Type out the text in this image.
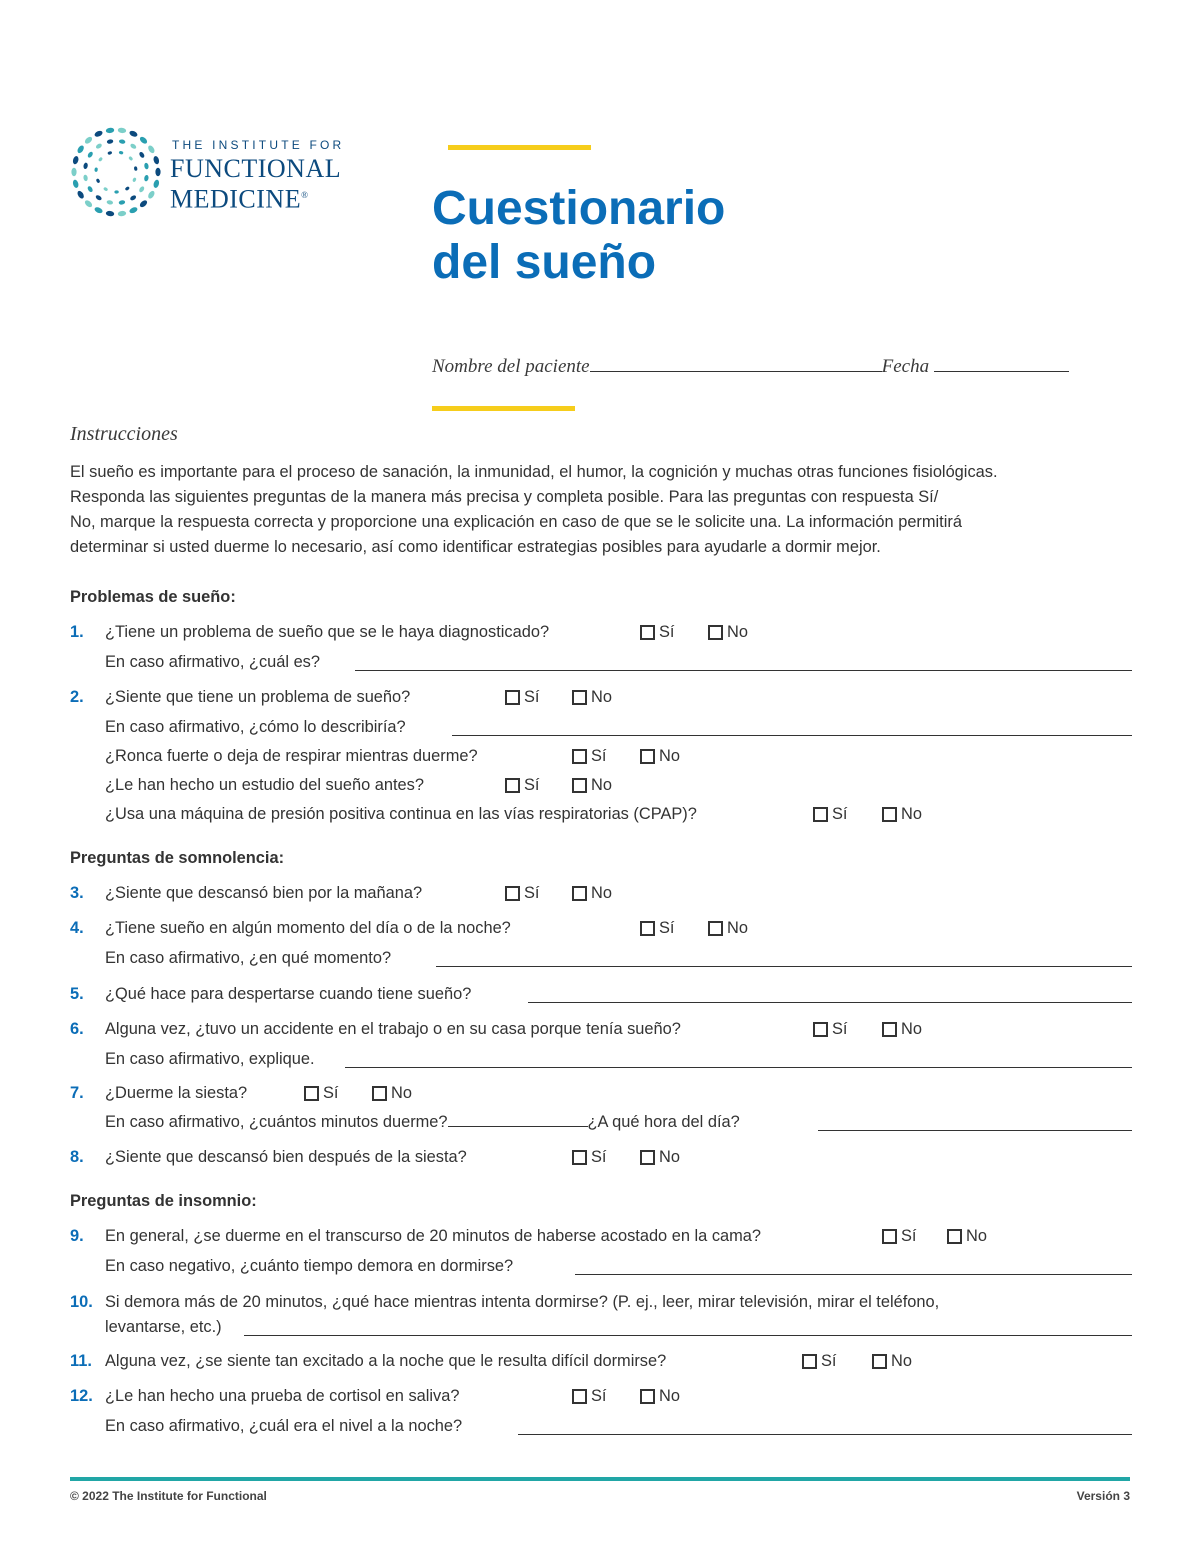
THE INSTITUTE FOR
FUNCTIONAL
MEDICINE®	Cuestionario
del sueño
Nombre del paciente	Fecha
Instrucciones
El sueño es importante para el proceso de sanación, la inmunidad, el humor, la cognición y muchas otras funciones fisiológicas.
Responda las siguientes preguntas de la manera más precisa y completa posible. Para las preguntas con respuesta Sí/
No, marque la respuesta correcta y proporcione una explicación en caso de que se le solicite una. La información permitirá
determinar si usted duerme lo necesario, así como identificar estrategias posibles para ayudarle a dormir mejor.
Problemas de sueño:
1. ¿Tiene un problema de sueño que se le haya diagnosticado?	Sí	No
En caso afirmativo, ¿cuál es?
2. ¿Siente que tiene un problema de sueño?	Sí	No
En caso afirmativo, ¿cómo lo describiría?
¿Ronca fuerte o deja de respirar mientras duerme?	Sí	No
¿Le han hecho un estudio del sueño antes?	Sí	No
¿Usa una máquina de presión positiva continua en las vías respiratorias (CPAP)?	Sí	No
Preguntas de somnolencia:
3. ¿Siente que descansó bien por la mañana?	Sí	No
4. ¿Tiene sueño en algún momento del día o de la noche?	Sí	No
En caso afirmativo, ¿en qué momento?
5. ¿Qué hace para despertarse cuando tiene sueño?
6. Alguna vez, ¿tuvo un accidente en el trabajo o en su casa porque tenía sueño?	Sí	No
En caso afirmativo, explique.
7. ¿Duerme la siesta?	Sí	No
En caso afirmativo, ¿cuántos minutos duerme?	¿A qué hora del día?
8. ¿Siente que descansó bien después de la siesta?	Sí	No
Preguntas de insomnio:
9. En general, ¿se duerme en el transcurso de 20 minutos de haberse acostado en la cama?	Sí	No
En caso negativo, ¿cuánto tiempo demora en dormirse?
10. Si demora más de 20 minutos, ¿qué hace mientras intenta dormirse? (P. ej., leer, mirar televisión, mirar el teléfono,
levantarse, etc.)
11. Alguna vez, ¿se siente tan excitado a la noche que le resulta difícil dormirse?	Sí	No
12. ¿Le han hecho una prueba de cortisol en saliva?	Sí	No
En caso afirmativo, ¿cuál era el nivel a la noche?
© 2022 The Institute for Functional	Versión 3
